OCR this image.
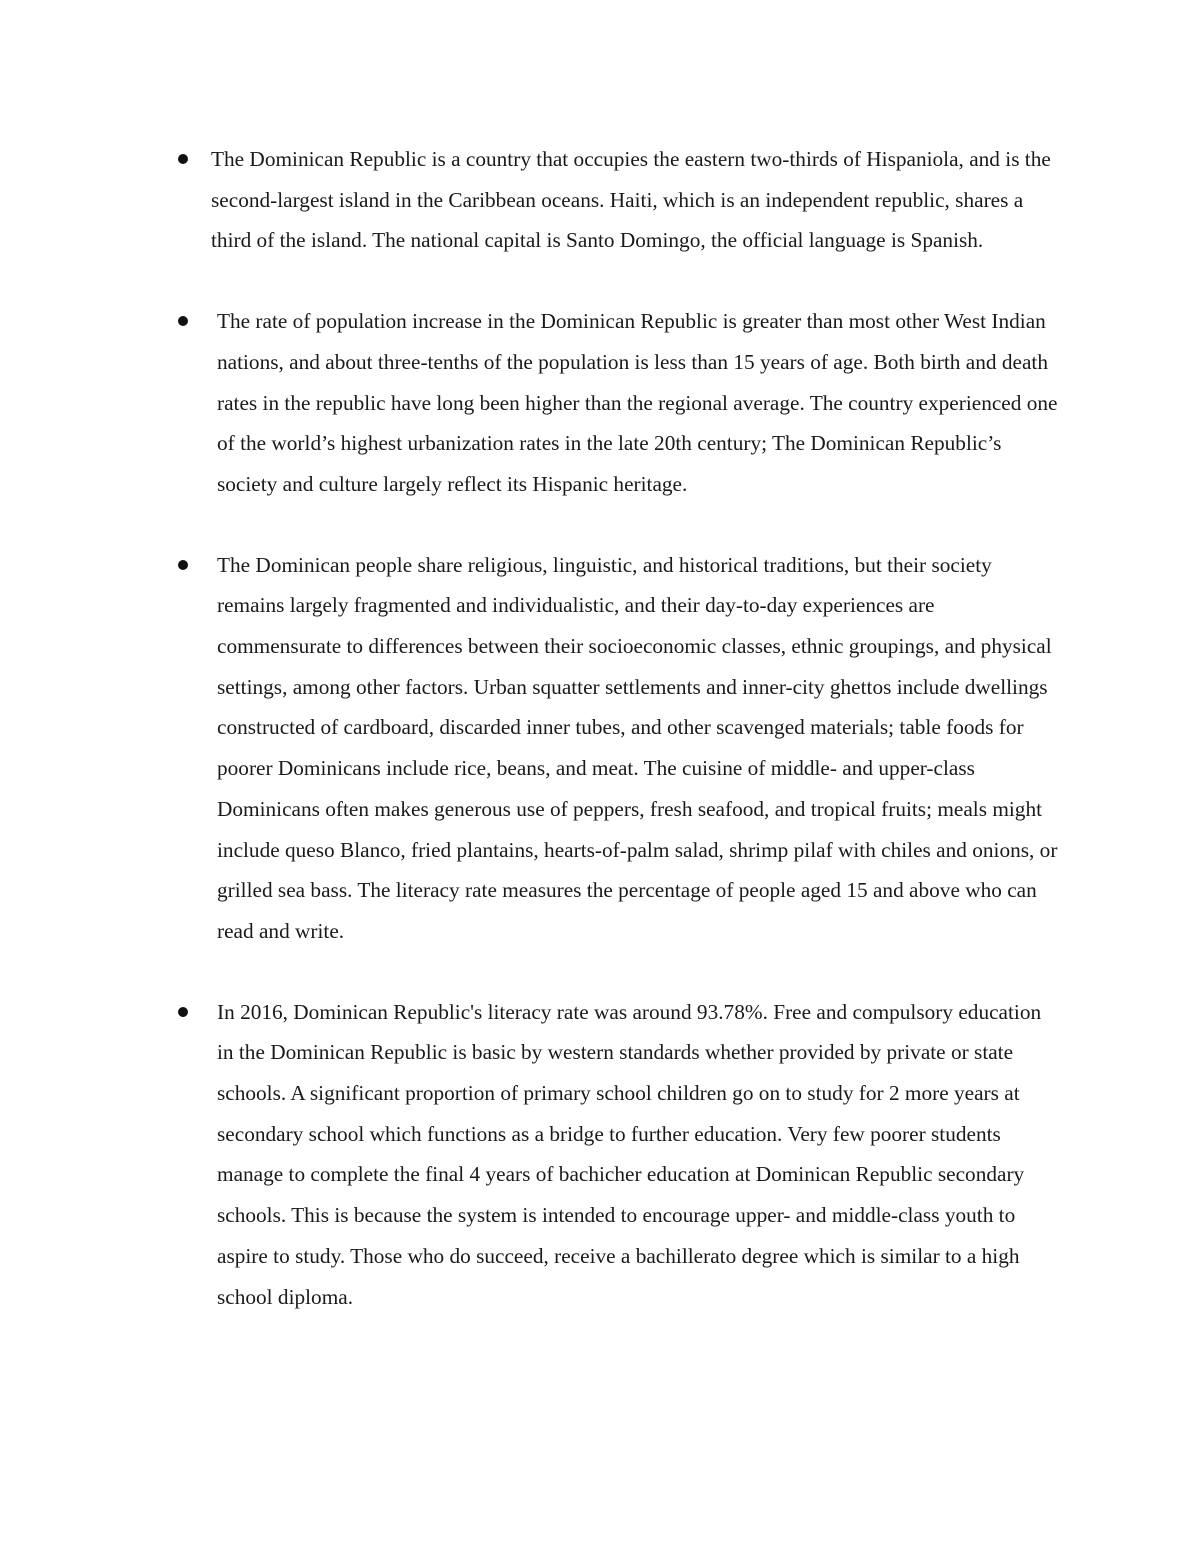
The Dominican Republic is a country that occupies the eastern two-thirds of Hispaniola, and is the second-largest island in the Caribbean oceans. Haiti, which is an independent republic, shares a third of the island. The national capital is Santo Domingo, the official language is Spanish.
The rate of population increase in the Dominican Republic is greater than most other West Indian nations, and about three-tenths of the population is less than 15 years of age. Both birth and death rates in the republic have long been higher than the regional average. The country experienced one of the world’s highest urbanization rates in the late 20th century; The Dominican Republic’s society and culture largely reflect its Hispanic heritage.
The Dominican people share religious, linguistic, and historical traditions, but their society remains largely fragmented and individualistic, and their day-to-day experiences are commensurate to differences between their socioeconomic classes, ethnic groupings, and physical settings, among other factors. Urban squatter settlements and inner-city ghettos include dwellings constructed of cardboard, discarded inner tubes, and other scavenged materials; table foods for poorer Dominicans include rice, beans, and meat. The cuisine of middle- and upper-class Dominicans often makes generous use of peppers, fresh seafood, and tropical fruits; meals might include queso Blanco, fried plantains, hearts-of-palm salad, shrimp pilaf with chiles and onions, or grilled sea bass. The literacy rate measures the percentage of people aged 15 and above who can read and write.
In 2016, Dominican Republic's literacy rate was around 93.78%. Free and compulsory education in the Dominican Republic is basic by western standards whether provided by private or state schools. A significant proportion of primary school children go on to study for 2 more years at secondary school which functions as a bridge to further education. Very few poorer students manage to complete the final 4 years of bachicher education at Dominican Republic secondary schools. This is because the system is intended to encourage upper- and middle-class youth to aspire to study. Those who do succeed, receive a bachillerato degree which is similar to a high school diploma.
